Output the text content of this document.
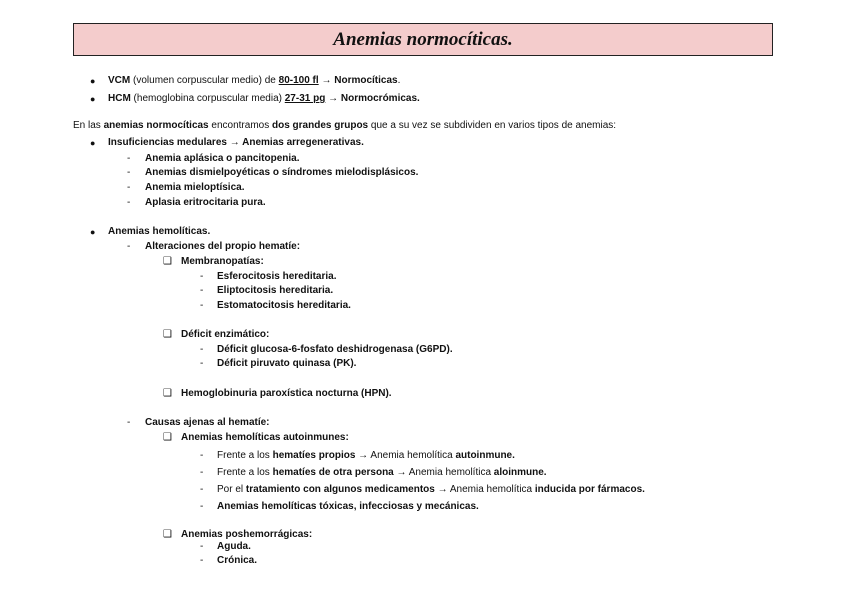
Anemias normocíticas.
● VCM (volumen corpuscular medio) de 80-100 fl → Normocíticas.
● HCM (hemoglobina corpuscular media) 27-31 pg → Normocrómicas.
En las anemias normocíticas encontramos dos grandes grupos que a su vez se subdividen en varios tipos de anemias:
● Insuficiencias medulares → Anemias arregenerativas.
- Anemia aplásica o pancitopenia.
- Anemias dismielpoyéticas o síndromes mielodisplásicos.
- Anemia mieloptísica.
- Aplasia eritrocitaria pura.
● Anemias hemolíticas.
- Alteraciones del propio hematíe:
❑ Membranopatías:
- Esferocitosis hereditaria.
- Eliptocitosis hereditaria.
- Estomatocitosis hereditaria.
❑ Déficit enzimático:
- Déficit glucosa-6-fosfato deshidrogenasa (G6PD).
- Déficit piruvato quinasa (PK).
❑ Hemoglobinuria paroxística nocturna (HPN).
- Causas ajenas al hematíe:
❑ Anemias hemolíticas autoinmunes:
- Frente a los hematíes propios → Anemia hemolítica autoinmune.
- Frente a los hematíes de otra persona → Anemia hemolítica aloinmune.
- Por el tratamiento con algunos medicamentos → Anemia hemolítica inducida por fármacos.
- Anemias hemolíticas tóxicas, infecciosas y mecánicas.
❑ Anemias poshemorrágicas:
- Aguda.
- Crónica.
